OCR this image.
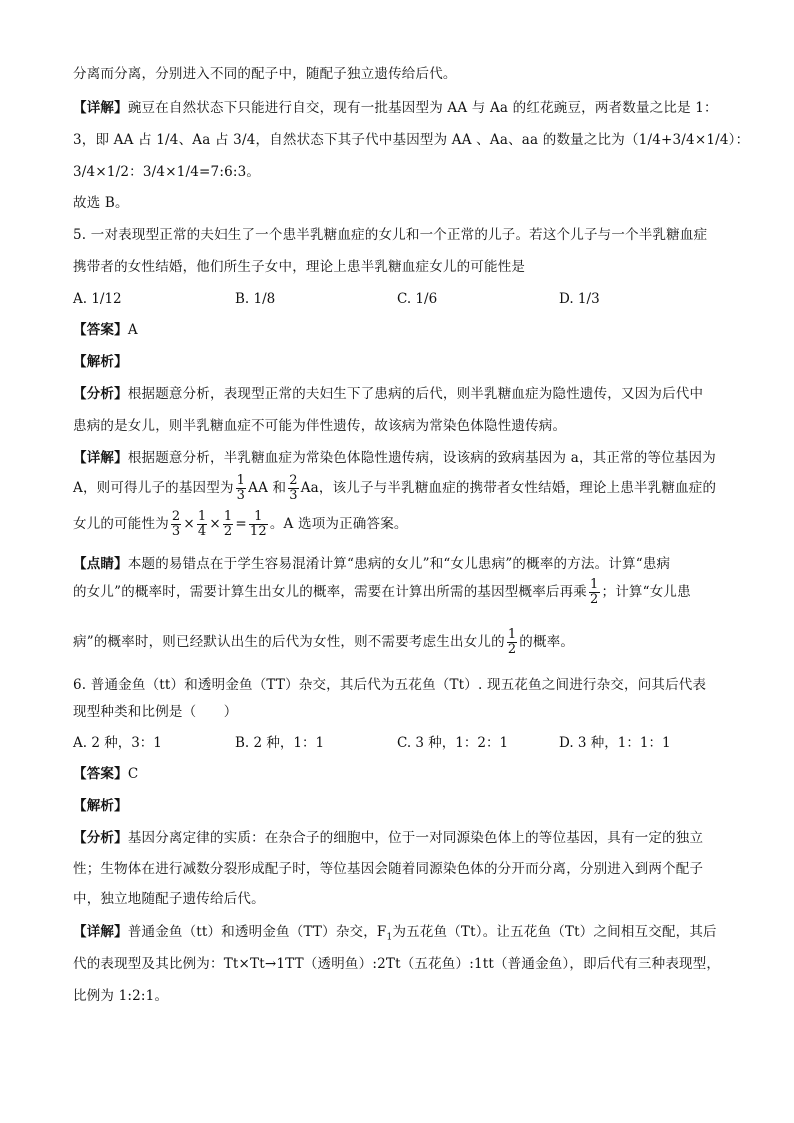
分离而分离，分别进入不同的配子中，随配子独立遗传给后代。
【详解】豌豆在自然状态下只能进行自交，现有一批基因型为 AA 与 Aa 的红花豌豆，两者数量之比是 1：
3，即 AA 占 1/4、Aa 占 3/4，自然状态下其子代中基因型为 AA 、Aa、aa 的数量之比为（1/4+3/4×1/4）：
3/4×1/2：3/4×1/4=7:6:3。
故选 B。
5. 一对表现型正常的夫妇生了一个患半乳糖血症的女儿和一个正常的儿子。若这个儿子与一个半乳糖血症
携带者的女性结婚，他们所生子女中，理论上患半乳糖血症女儿的可能性是
A. 1/12	B. 1/8	C. 1/6	D. 1/3
【答案】A
【解析】
【分析】根据题意分析，表现型正常的夫妇生下了患病的后代，则半乳糖血症为隐性遗传，又因为后代中
患病的是女儿，则半乳糖血症不可能为伴性遗传，故该病为常染色体隐性遗传病。
【详解】根据题意分析，半乳糖血症为常染色体隐性遗传病，设该病的致病基因为 a，其正常的等位基因为
A，则可得儿子的基因型为 $\frac{1}{3}$ AA 和 $\frac{2}{3}$ Aa，该儿子与半乳糖血症的携带者女性结婚，理论上患半乳糖血症的
女儿的可能性为 $\frac{2}{3} \times \frac{1}{4} \times \frac{1}{2} = \frac{1}{12}$ 。A 选项为正确答案。
【点睛】本题的易错点在于学生容易混淆计算“患病的女儿”和“女儿患病”的概率的方法。计算“患病
的女儿”的概率时，需要计算生出女儿的概率，需要在计算出所需的基因型概率后再乘 $\frac{1}{2}$ ；计算“女儿患
病”的概率时，则已经默认出生的后代为女性，则不需要考虑生出女儿的 $\frac{1}{2}$ 的概率。
6. 普通金鱼（tt）和透明金鱼（TT）杂交，其后代为五花鱼（Tt）. 现五花鱼之间进行杂交，问其后代表
现型种类和比例是（　　）
A. 2 种，3：1	B. 2 种，1：1	C. 3 种，1：2：1	D. 3 种，1：1：1
【答案】C
【解析】
【分析】基因分离定律的实质：在杂合子的细胞中，位于一对同源染色体上的等位基因，具有一定的独立
性；生物体在进行减数分裂形成配子时，等位基因会随着同源染色体的分开而分离，分别进入到两个配子
中，独立地随配子遗传给后代。
【详解】普通金鱼（tt）和透明金鱼（TT）杂交，$F_1$为五花鱼（Tt）。让五花鱼（Tt）之间相互交配，其后
代的表现型及其比例为：Tt×Tt→1TT（透明鱼）:2Tt（五花鱼）:1tt（普通金鱼），即后代有三种表现型，
比例为 1:2:1。
